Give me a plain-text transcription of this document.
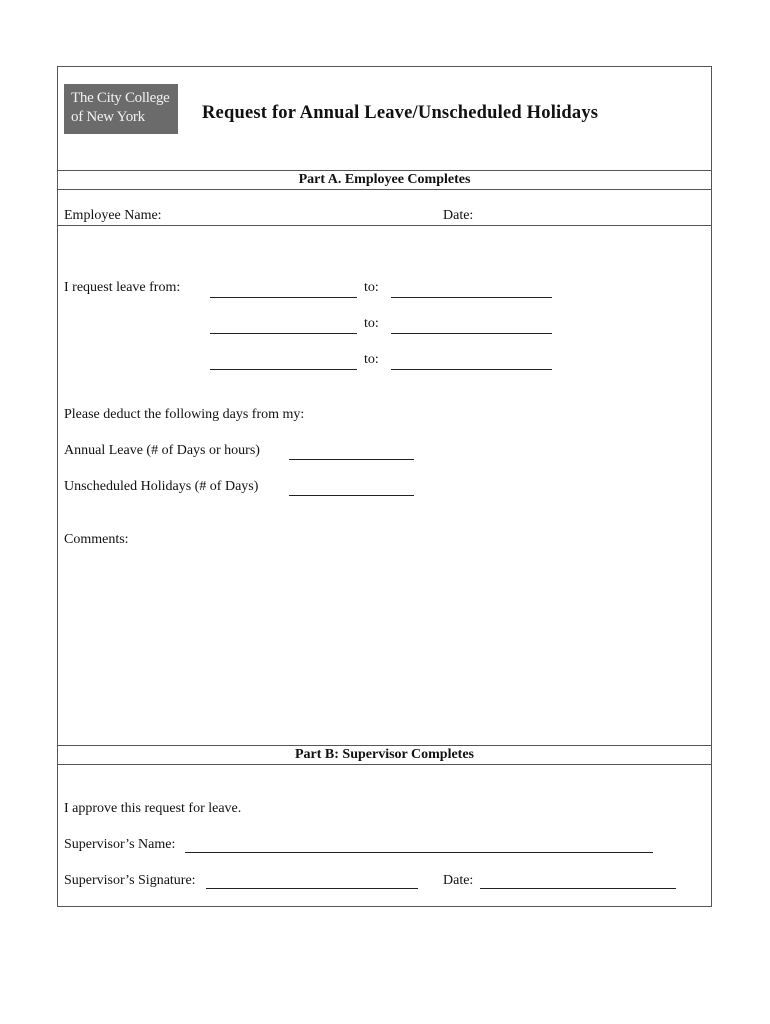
The City College
of New York	Request for Annual Leave/Unscheduled Holidays
Part A. Employee Completes
Employee Name:	Date:
I request leave from:	to:
to:
to:
Please deduct the following days from my:
Annual Leave (# of Days or hours)
Unscheduled Holidays (# of Days)
Comments:
Part B: Supervisor Completes
I approve this request for leave.
Supervisor’s Name:
Supervisor’s Signature:	Date:
